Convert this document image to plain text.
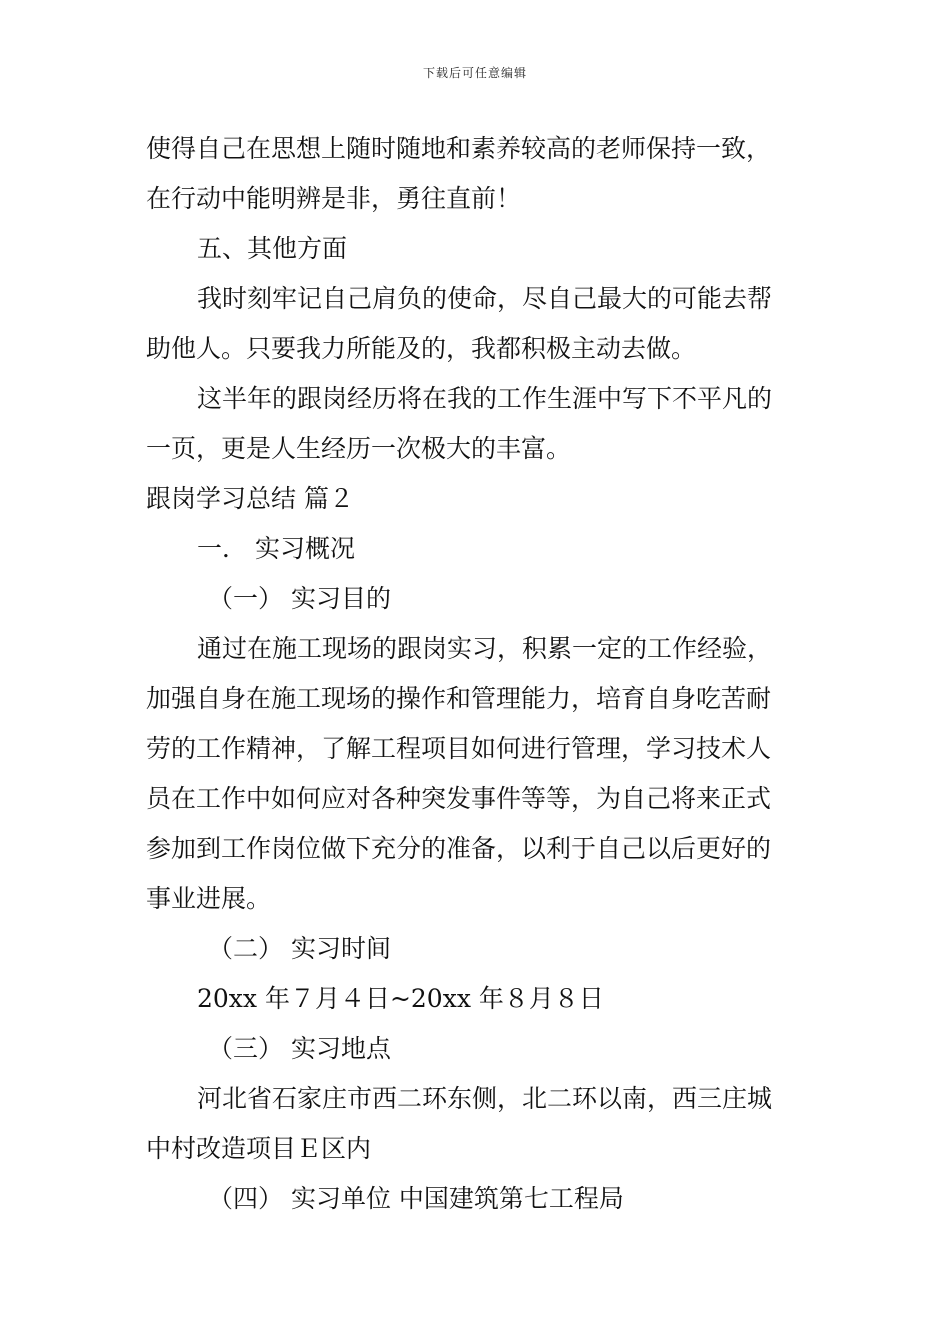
下载后可任意编辑
使得自己在思想上随时随地和素养较高的老师保持一致，
在行动中能明辨是非，勇往直前！
五、其他方面
我时刻牢记自己肩负的使命，尽自己最大的可能去帮
助他人。只要我力所能及的，我都积极主动去做。
这半年的跟岗经历将在我的工作生涯中写下不平凡的
一页，更是人生经历一次极大的丰富。
跟岗学习总结 篇２
一． 实习概况
（一） 实习目的
通过在施工现场的跟岗实习，积累一定的工作经验，
加强自身在施工现场的操作和管理能力，培育自身吃苦耐
劳的工作精神，了解工程项目如何进行管理，学习技术人
员在工作中如何应对各种突发事件等等，为自己将来正式
参加到工作岗位做下充分的准备，以利于自己以后更好的
事业进展。
（二） 实习时间
20xx 年７月４日~20xx 年８月８日
（三） 实习地点
河北省石家庄市西二环东侧，北二环以南，西三庄城
中村改造项目Ｅ区内
（四） 实习单位 中国建筑第七工程局
